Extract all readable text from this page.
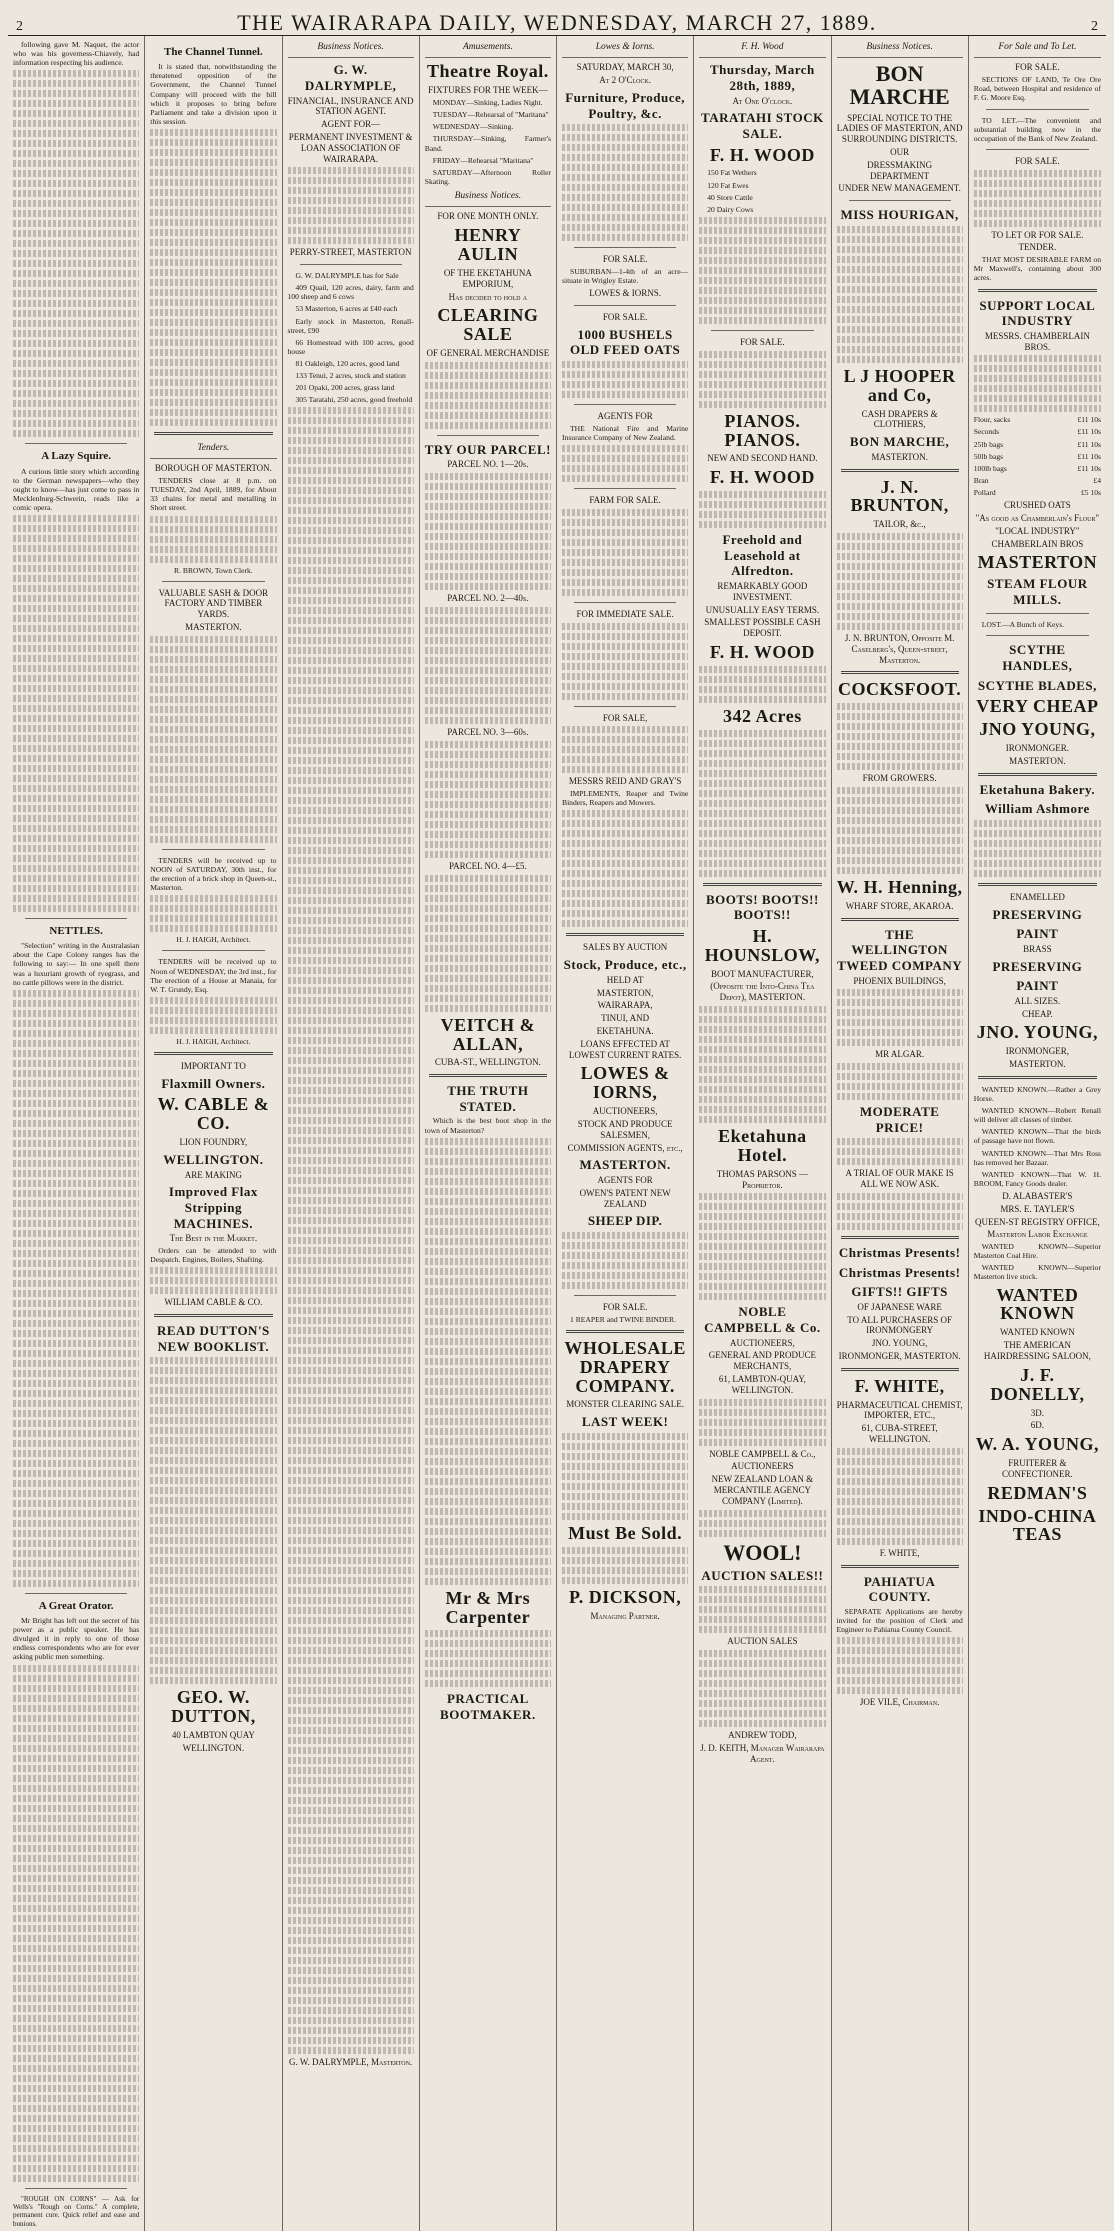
2	THE WAIRARAPA DAILY, WEDNESDAY, MARCH 27, 1889.	2

following gave M. Naquet, the actor who was his governess-Chiavely, had information respecting his audience.

A Lazy Squire.

A curious little story which according to the German newspapers—who they ought to know—has just come to pass in Mecklenburg-Schwerin, reads like a comic opera.

NETTLES.

"Selection" writing in the Australasian about the Cape Colony ranges has the following to say:— In one spell there was a luxuriant growth of ryegrass, and no cattle pillows were in the district.

A Great Orator.

Mr Bright has left out the secret of his power as a public speaker. He has divulged it in reply to one of those endless correspondents who are for ever asking public men something.

"ROUGH ON CORNS" — Ask for Wells's "Rough on Corns." A complete, permanent cure. Quick relief and ease and bunions.

The Channel Tunnel.

It is stated that, notwithstanding the threatened opposition of the Government, the Channel Tunnel Company will proceed with the bill which it proposes to bring before Parliament and take a division upon it this session.

Tenders.
BOROUGH OF MASTERTON.

TENDERS close at 8 p.m. on TUESDAY, 2nd April, 1889, for About 33 chains for metal and metalling in Short street.

R. BROWN, Town Clerk.

VALUABLE SASH & DOOR FACTORY AND TIMBER YARDS.
MASTERTON.

TENDERS will be received up to NOON of SATURDAY, 30th inst., for the erection of a brick shop in Queen-st., Masterton.

H. J. HAIGH, Architect.

TENDERS will be received up to Noon of WEDNESDAY, the 3rd inst., for The erection of a House at Manaia, for W. T. Grundy, Esq.

H. J. HAIGH, Architect.

IMPORTANT TO
Flaxmill Owners.
W. CABLE & CO.
LION FOUNDRY,
WELLINGTON.
ARE MAKING
Improved Flax Stripping MACHINES.
The Best in the Market.

Orders can be attended to with Despatch. Engines, Boilers, Shafting.

WILLIAM CABLE & CO.
READ DUTTON'S NEW BOOKLIST.
GEO. W. DUTTON,
40 LAMBTON QUAY
WELLINGTON.
Business Notices.
G. W. DALRYMPLE,
FINANCIAL, INSURANCE AND STATION AGENT.
AGENT FOR—
PERMANENT INVESTMENT & LOAN ASSOCIATION OF WAIRARAPA.
PERRY-STREET, MASTERTON

G. W. DALRYMPLE has for Sale

409 Quail, 120 acres, dairy, farm and 100 sheep and 6 cows

53 Masterton, 6 acres at £40 each

Early stock in Masterton, Renall-street, £90

66 Homestead with 100 acres, good house

81 Oakleigh, 120 acres, good land

133 Tenui, 2 acres, stock and station

201 Opaki, 200 acres, grass land

305 Taratahi, 250 acres, good freehold

G. W. DALRYMPLE, Masterton.
Amusements.
Theatre Royal.
FIXTURES FOR THE WEEK—

MONDAY—Sinking, Ladies Night.

TUESDAY—Rehearsal of "Maritana"

WEDNESDAY—Sinking.

THURSDAY—Sinking, Farmer's Band.

FRIDAY—Rehearsal "Maritana"

SATURDAY—Afternoon Roller Skating.

Business Notices.
FOR ONE MONTH ONLY.
HENRY AULIN
OF THE EKETAHUNA EMPORIUM,
Has decided to hold a
CLEARING SALE
OF GENERAL MERCHANDISE
TRY OUR PARCEL!
PARCEL NO. 1—20s.
PARCEL NO. 2—40s.
PARCEL NO. 3—60s.
PARCEL NO. 4—£5.
VEITCH & ALLAN,
CUBA-ST., WELLINGTON.
THE TRUTH STATED.

Which is the best boot shop in the town of Masterton?

Mr & Mrs Carpenter
PRACTICAL BOOTMAKER.
Lowes & Iorns.
SATURDAY, MARCH 30,
At 2 O'Clock.
Furniture, Produce, Poultry, &c.
FOR SALE.

SUBURBAN—1-4th of an acre—situate in Wrigley Estate.

LOWES & IORNS.
FOR SALE.
1000 BUSHELS OLD FEED OATS
AGENTS FOR

THE National Fire and Marine Insurance Company of New Zealand.

FARM FOR SALE.
FOR IMMEDIATE SALE.
FOR SALE,
MESSRS REID AND GRAY'S

IMPLEMENTS, Reaper and Twine Binders, Reapers and Mowers.

SALES BY AUCTION
Stock, Produce, etc.,
HELD AT
MASTERTON,
WAIRARAPA,
TINUI, AND
EKETAHUNA.
LOANS EFFECTED AT LOWEST CURRENT RATES.
LOWES & IORNS,
AUCTIONEERS,
STOCK AND PRODUCE SALESMEN,
COMMISSION AGENTS, etc.,
MASTERTON.
AGENTS FOR
OWEN'S PATENT NEW ZEALAND
SHEEP DIP.
FOR SALE.

1 REAPER and TWINE BINDER.

WHOLESALE DRAPERY COMPANY.
MONSTER CLEARING SALE.
LAST WEEK!
Must Be Sold.
P. DICKSON,
Managing Partner.
F. H. Wood
Thursday, March 28th, 1889,
At One O'clock.
TARATAHI STOCK SALE.
F. H. WOOD

150 Fat Wethers

120 Fat Ewes

40 Store Cattle

20 Dairy Cows

FOR SALE.
PIANOS. PIANOS.
NEW AND SECOND HAND.
F. H. WOOD
Freehold and Leasehold at Alfredton.
REMARKABLY GOOD INVESTMENT.
UNUSUALLY EASY TERMS.
SMALLEST POSSIBLE CASH DEPOSIT.
F. H. WOOD
342 Acres
BOOTS! BOOTS!! BOOTS!!
H. HOUNSLOW,
BOOT MANUFACTURER,
(Opposite the Into-China Tea Depot), MASTERTON.
Eketahuna Hotel.
THOMAS PARSONS — Proprietor.
NOBLE CAMPBELL & Co.
AUCTIONEERS,
GENERAL AND PRODUCE MERCHANTS,
61, LAMBTON-QUAY, WELLINGTON.
NOBLE CAMPBELL & Co.,
AUCTIONEERS
NEW ZEALAND LOAN & MERCANTILE AGENCY COMPANY (Limited).
WOOL!
AUCTION SALES!!
AUCTION SALES
ANDREW TODD,
J. D. KEITH, Manager Wairarapa Agent.
Business Notices.
BON MARCHE
SPECIAL NOTICE TO THE LADIES OF MASTERTON, AND SURROUNDING DISTRICTS.
OUR
DRESSMAKING DEPARTMENT
UNDER NEW MANAGEMENT.
MISS HOURIGAN,
L J HOOPER and Co,
CASH DRAPERS & CLOTHIERS,
BON MARCHE,
MASTERTON.
J. N. BRUNTON,
TAILOR, &c.,
J. N. BRUNTON, Opposite M. Caselberg's, Queen-street, Masterton.
COCKSFOOT.
FROM GROWERS.
W. H. Henning,
WHARF STORE, AKAROA.
THE WELLINGTON TWEED COMPANY
PHOENIX BUILDINGS,
MR ALGAR.
MODERATE PRICE!
A TRIAL OF OUR MAKE IS ALL WE NOW ASK.
Christmas Presents!
Christmas Presents!
GIFTS!! GIFTS
OF JAPANESE WARE
TO ALL PURCHASERS OF IRONMONGERY
JNO. YOUNG,
IRONMONGER, MASTERTON.
F. WHITE,
PHARMACEUTICAL CHEMIST, IMPORTER, ETC.,
61, CUBA-STREET, WELLINGTON.
F. WHITE,
PAHIATUA COUNTY.

SEPARATE Applications are hereby invited for the position of Clerk and Engineer to Pahiatua County Council.

JOE VILE, Chairman.
For Sale and To Let.
FOR SALE.

SECTIONS OF LAND, Te Ore Ore Road, between Hospital and residence of F. G. Moore Esq.

TO LET.—The convenient and substantial building now in the occupation of the Bank of New Zealand.

FOR SALE.
TO LET OR FOR SALE.
TENDER.

THAT MOST DESIRABLE FARM on Mr Maxwell's, containing about 300 acres.

SUPPORT LOCAL INDUSTRY
MESSRS. CHAMBERLAIN BROS.

Flour, sacks	£11 10s

Seconds	£11 10s

25lb bags	£11 10s

50lb bags	£11 10s

100lb bags	£11 10s

Bran	£4

Pollard	£5 10s

CRUSHED OATS
"As good as Chamberlain's Flour"
"LOCAL INDUSTRY"
CHAMBERLAIN BROS
MASTERTON
STEAM FLOUR MILLS.

LOST.—A Bunch of Keys.

SCYTHE HANDLES,
SCYTHE BLADES,
VERY CHEAP
JNO YOUNG,
IRONMONGER.
MASTERTON.
Eketahuna Bakery.
William Ashmore
ENAMELLED
PRESERVING
PAINT
BRASS
PRESERVING
PAINT
ALL SIZES.
CHEAP.
JNO. YOUNG,
IRONMONGER,
MASTERTON.

WANTED KNOWN.—Rather a Grey Horse.

WANTED KNOWN—Robert Renall will deliver all classes of timber.

WANTED KNOWN—That the birds of passage have not flown.

WANTED KNOWN—That Mrs Ross has removed her Bazaar.

WANTED KNOWN—That W. H. BROOM, Fancy Goods dealer.

D. ALABASTER'S
MRS. E. TAYLER'S
QUEEN-ST REGISTRY OFFICE,
Masterton Labor Exchange

WANTED KNOWN—Superior Masterton Coal Hire.

WANTED KNOWN—Superior Masterton live stock.

WANTED KNOWN
WANTED KNOWN
THE AMERICAN HAIRDRESSING SALOON,
J. F. DONELLY,
3D.
6D.
W. A. YOUNG,
FRUITERER & CONFECTIONER.
REDMAN'S
INDO-CHINA TEAS
